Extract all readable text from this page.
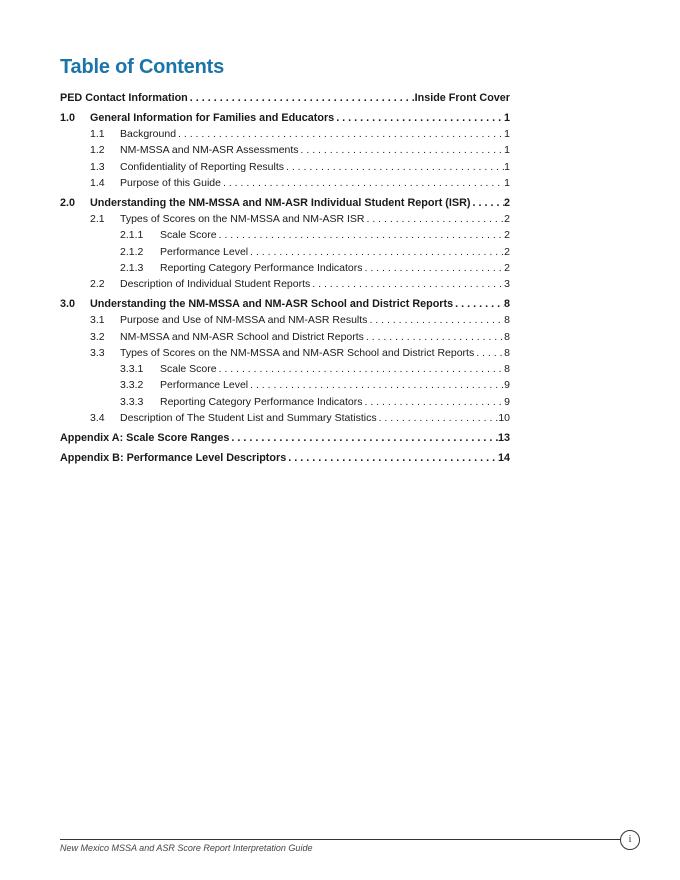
Table of Contents
PED Contact Information . . .	Inside Front Cover
1.0	General Information for Families and Educators . . .	1
1.1	Background . . .	1
1.2	NM-MSSA and NM-ASR Assessments . . .	1
1.3	Confidentiality of Reporting Results . . .	1
1.4	Purpose of this Guide . . .	1
2.0	Understanding the NM-MSSA and NM-ASR Individual Student Report (ISR) . . .	2
2.1	Types of Scores on the NM-MSSA and NM-ASR ISR . . .	2
2.1.1	Scale Score . . .	2
2.1.2	Performance Level . . .	2
2.1.3	Reporting Category Performance Indicators . . .	2
2.2	Description of Individual Student Reports . . .	3
3.0	Understanding the NM-MSSA and NM-ASR School and District Reports . . .	8
3.1	Purpose and Use of NM-MSSA and NM-ASR Results . . .	8
3.2	NM-MSSA and NM-ASR School and District Reports . . .	8
3.3	Types of Scores on the NM-MSSA and NM-ASR School and District Reports . . .	8
3.3.1	Scale Score . . .	8
3.3.2	Performance Level . . .	9
3.3.3	Reporting Category Performance Indicators . . .	9
3.4	Description of The Student List and Summary Statistics . . .	10
Appendix A: Scale Score Ranges . . .	13
Appendix B: Performance Level Descriptors . . .	14
New Mexico MSSA and ASR Score Report Interpretation Guide
i
